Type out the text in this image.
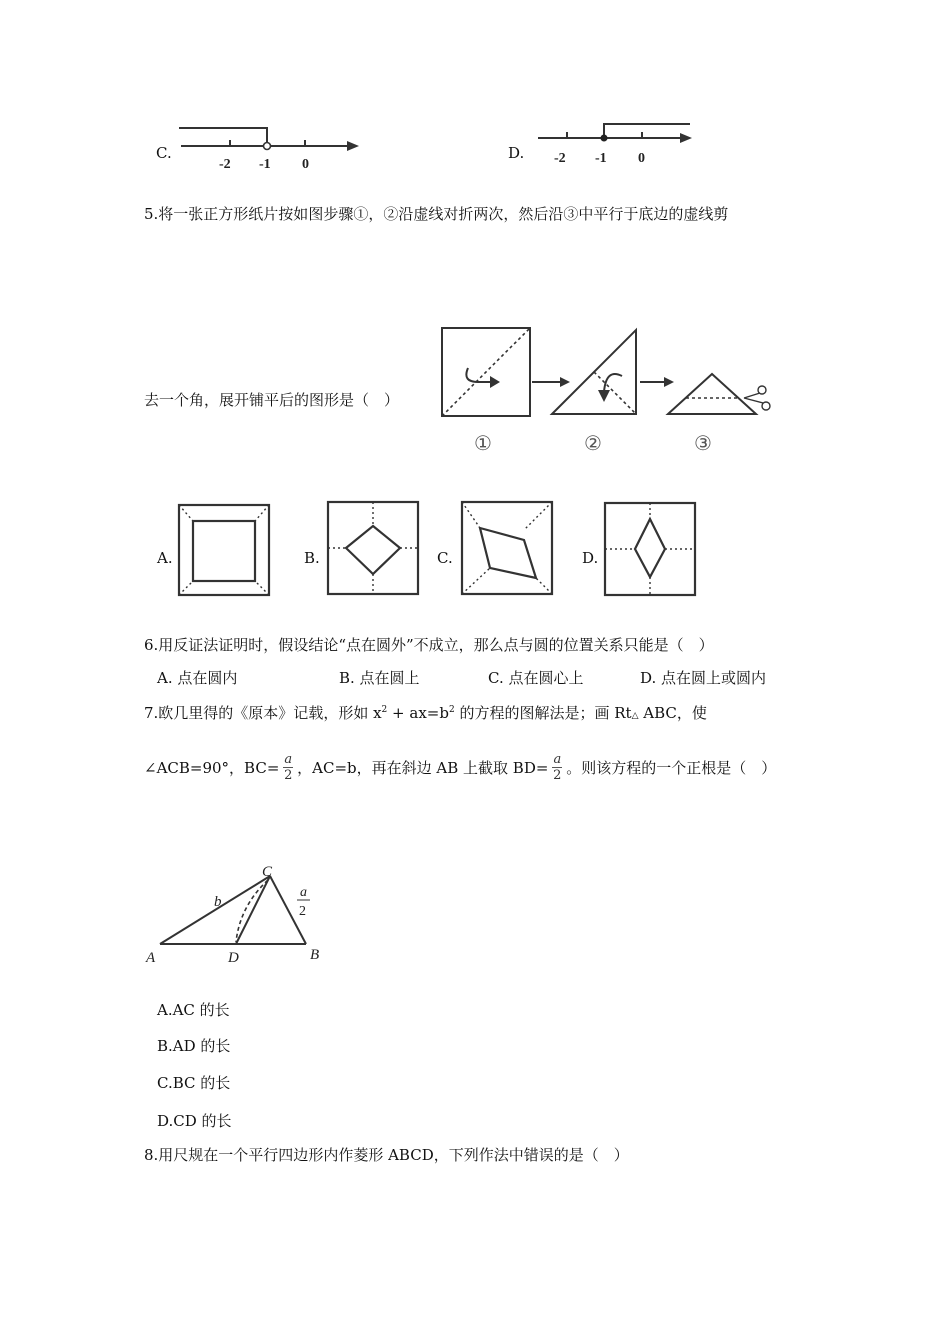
C.
-2 -1 0
D. -2 -1 0
5.将一张正方形纸片按如图步骤①，②沿虚线对折两次，然后沿③中平行于底边的虚线剪
去一个角，展开铺平后的图形是（　）
①	②	③
A.	B.	C.	D.
6.用反证法证明时，假设结论“点在圆外”不成立，那么点与圆的位置关系只能是（　）
A. 点在圆内	B. 点在圆上	C. 点在圆心上	D. 点在圆上或圆内
7.欧几里得的《原本》记载，形如 $x^2 + ax=b^2$ 的方程的图解法是；画 Rt△ ABC，使
∠ACB=90°，$BC= \frac{a}{2}$ ，AC=b，再在斜边 AB 上截取 $BD= \frac{a}{2}$ 。则该方程的一个正根是（　）
A	D	B
C
b
a
2
A.AC 的长
B.AD 的长
C.BC 的长
D.CD 的长
8.用尺规在一个平行四边形内作菱形 ABCD，下列作法中错误的是（　）
